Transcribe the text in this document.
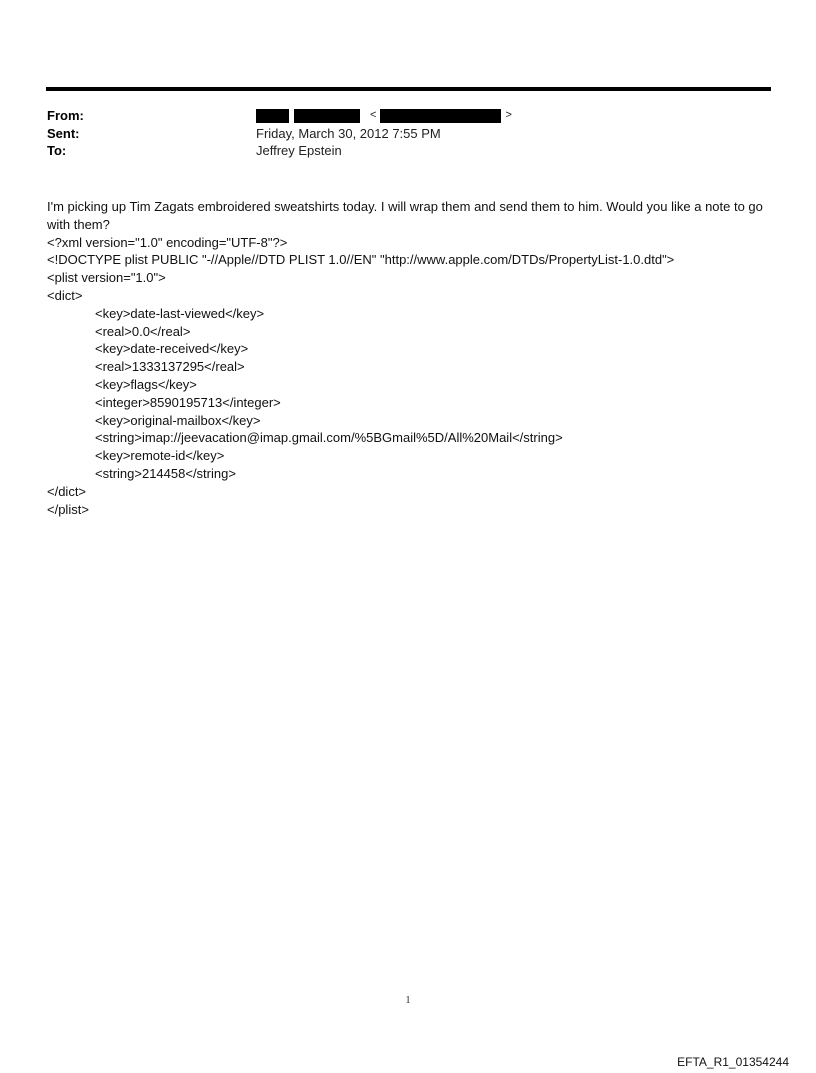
From:	<	>
Sent:	Friday, March 30, 2012 7:55 PM
To:	Jeffrey Epstein
I'm picking up Tim Zagats embroidered sweatshirts today. I will wrap them and send them to him. Would you like a note to go with them?
<?xml version="1.0" encoding="UTF-8"?>
<!DOCTYPE plist PUBLIC "-//Apple//DTD PLIST 1.0//EN" "http://www.apple.com/DTDs/PropertyList-1.0.dtd">
<plist version="1.0">
<dict>
<key>date-last-viewed</key>
<real>0.0</real>
<key>date-received</key>
<real>1333137295</real>
<key>flags</key>
<integer>8590195713</integer>
<key>original-mailbox</key>
<string>imap://jeevacation@imap.gmail.com/%5BGmail%5D/All%20Mail</string>
<key>remote-id</key>
<string>214458</string>
</dict>
</plist>
1
EFTA_R1_01354244
